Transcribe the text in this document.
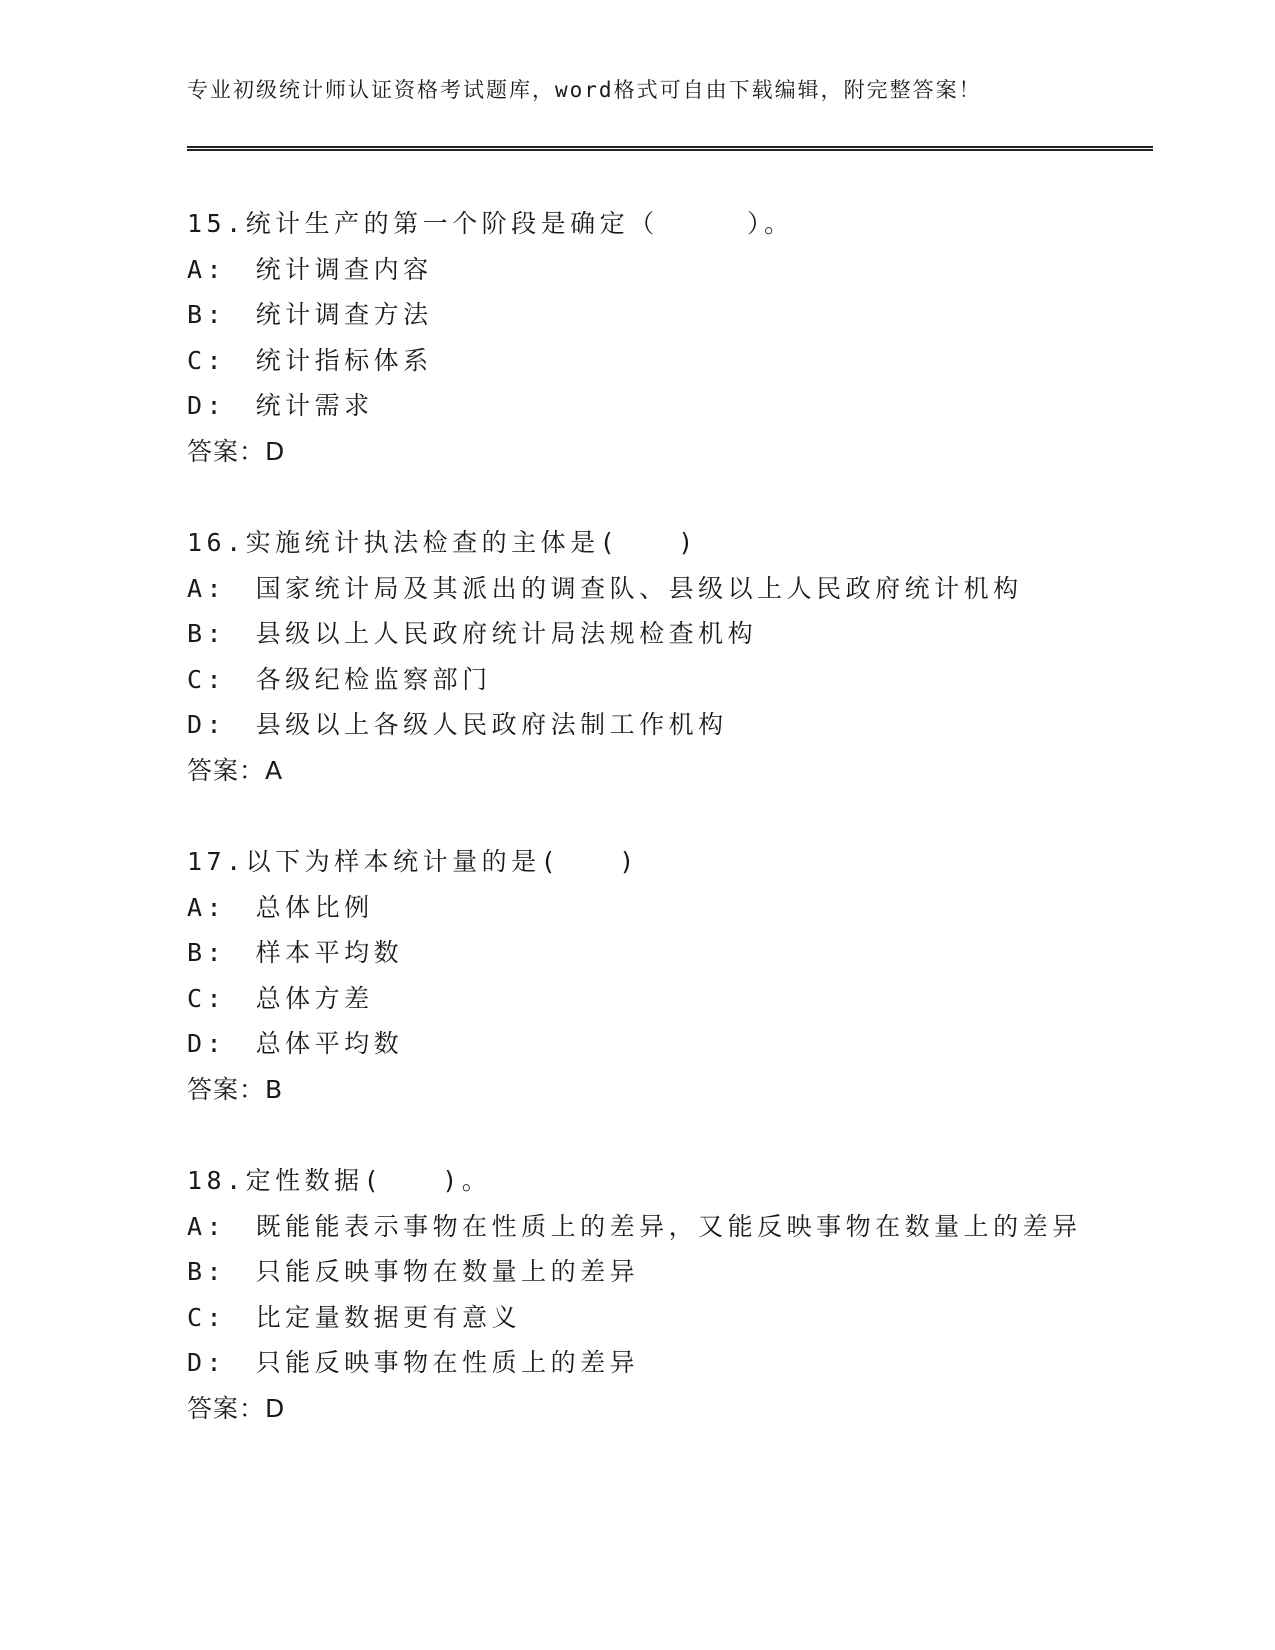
专业初级统计师认证资格考试题库，word格式可自由下载编辑，附完整答案！
15.统计生产的第一个阶段是确定（　　　）。
A:　统计调查内容
B:　统计调查方法
C:　统计指标体系
D:　统计需求
答案：D
16.实施统计执法检查的主体是(　　)
A:　国家统计局及其派出的调查队、县级以上人民政府统计机构
B:　县级以上人民政府统计局法规检查机构
C:　各级纪检监察部门
D:　县级以上各级人民政府法制工作机构
答案：A
17.以下为样本统计量的是(　　)
A:　总体比例
B:　样本平均数
C:　总体方差
D:　总体平均数
答案：B
18.定性数据(　　)。
A:　既能能表示事物在性质上的差异，又能反映事物在数量上的差异
B:　只能反映事物在数量上的差异
C:　比定量数据更有意义
D:　只能反映事物在性质上的差异
答案：D
